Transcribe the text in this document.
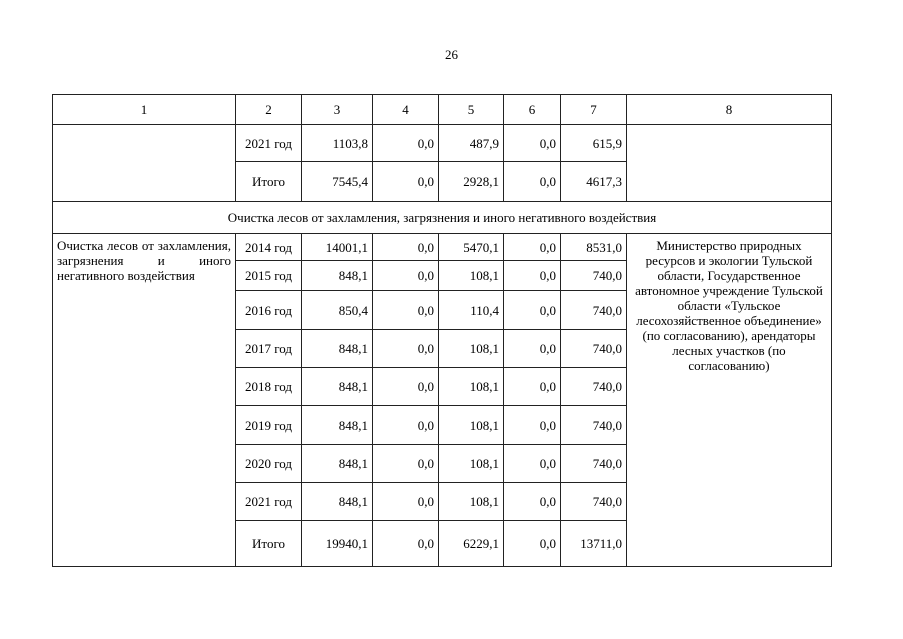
26
1	2	3	4	5	6	7	8
	2021 год	1103,8	0,0	487,9	0,0	615,9	
	Итого	7545,4	0,0	2928,1	0,0	4617,3	
Очистка лесов от захламления, загрязнения и иного негативного воздействия							
Очистка лесов от захламления, загрязнения и иного негативного воздействия	2014 год	14001,1	0,0	5470,1	0,0	8531,0	Министерство природных ресурсов и экологии Тульской области, Государственное автономное учреждение Тульской области «Тульское лесохозяйственное объединение» (по согласованию), арендаторы лесных участков (по согласованию)
	2015 год	848,1	0,0	108,1	0,0	740,0	
	2016 год	850,4	0,0	110,4	0,0	740,0	
	2017 год	848,1	0,0	108,1	0,0	740,0	
	2018 год	848,1	0,0	108,1	0,0	740,0	
	2019 год	848,1	0,0	108,1	0,0	740,0	
	2020 год	848,1	0,0	108,1	0,0	740,0	
	2021 год	848,1	0,0	108,1	0,0	740,0	
	Итого	19940,1	0,0	6229,1	0,0	13711,0	
